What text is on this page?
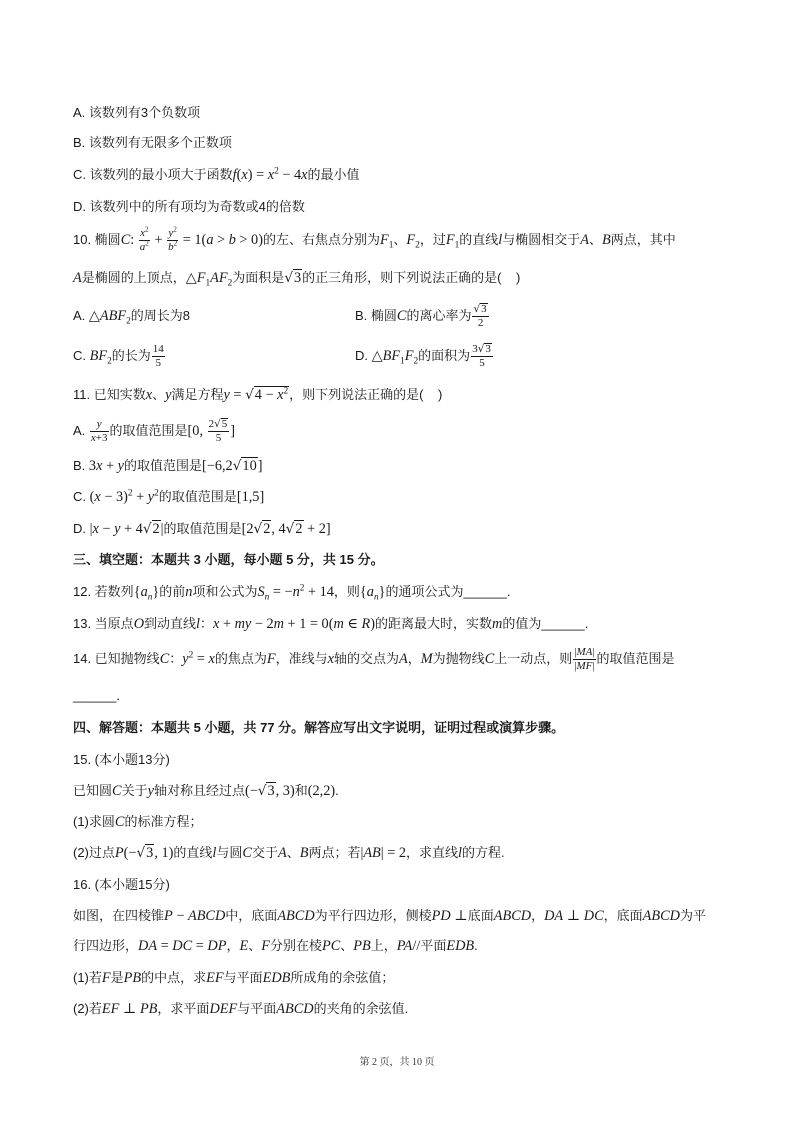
A. 该数列有3个负数项
B. 该数列有无限多个正数项
C. 该数列的最小项大于函数$f(x) = x^2 - 4x$的最小值
D. 该数列中的所有项均为奇数或4的倍数
10. 椭圆C: $\frac{x^2}{a^2} + \frac{y^2}{b^2} = 1(a > b > 0)$的左、右焦点分别为$F_1$、$F_2$，过$F_1$的直线l与椭圆相交于A、B两点，其中
A是椭圆的上顶点，$\triangle F_1AF_2$为面积是 √ 3的正三角形，则下列说法正确的是(    )
A. $\triangle ABF_2$的周长为8	B. 椭圆C的离心率为 √ $\frac{3}{2}$
C. $BF_2$的长为 $\frac{14}{5}$	D. $\triangle BF_1F_2$的面积为 $\frac{3 √ 3}{5}$
11. 已知实数x、y满足方程y = √ $4 - x^2$，则下列说法正确的是(    )
A. $\frac{y}{x+3}$ 的取值范围是[0, $\frac{2 √ 5}{5}$ ]
B. 3x + y的取值范围是[−6,2 √ 10]
C. $(x - 3)^2 + y^2$的取值范围是[1,5]
D. |x − y + 4 √ 2|的取值范围是[2 √ 2, 4 √ 2 + 2]
三、填空题：本题共 3 小题，每小题 5 分，共 15 分。
12. 若数列$\{a_n\}$的前n项和公式为$S_n = -n^2 + 14$，则$\{a_n\}$的通项公式为______.
13. 当原点O到动直线l：x + my − 2m + 1 = 0(m ∈ R)的距离最大时，实数m的值为______.
14. 已知抛物线C：$y^2 = x$的焦点为F，准线与x轴的交点为A，M为抛物线C上一动点，则 $\frac{|MA|}{|MF|}$ 的取值范围是
______.
四、解答题：本题共 5 小题，共 77 分。解答应写出文字说明，证明过程或演算步骤。
15. (本小题13分)
已知圆C关于y轴对称且经过点(− √ 3, 3)和(2,2).
(1)求圆C的标准方程；
(2)过点P(− √ 3, 1)的直线l与圆C交于A、B两点；若|AB| = 2，求直线l的方程.
16. (本小题15分)
如图，在四棱锥P − ABCD中，底面ABCD为平行四边形，侧棱PD ⊥底面ABCD，DA ⊥ DC，底面ABCD为平
行四边形，DA = DC = DP，E、F分别在棱PC、PB上，PA//平面EDB.
(1)若F是PB的中点，求EF与平面EDB所成角的余弦值；
(2)若EF ⊥ PB，求平面DEF与平面ABCD的夹角的余弦值.
第 2 页，共 10 页
